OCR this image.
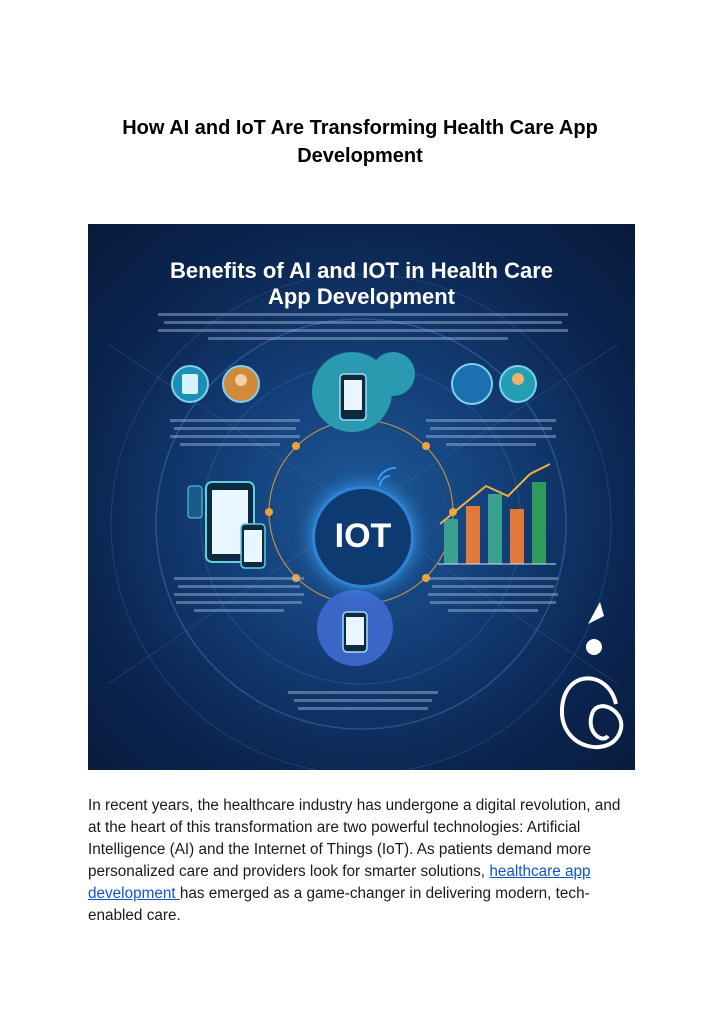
How AI and IoT Are Transforming Health Care App Development
Benefits of AI and IOT in Health Care
App Development
IOT
In recent years, the healthcare industry has undergone a digital revolution, and at the heart of this transformation are two powerful technologies: Artificial Intelligence (AI) and the Internet of Things (IoT). As patients demand more personalized care and providers look for smarter solutions, healthcare app development has emerged as a game-changer in delivering modern, tech-enabled care.
